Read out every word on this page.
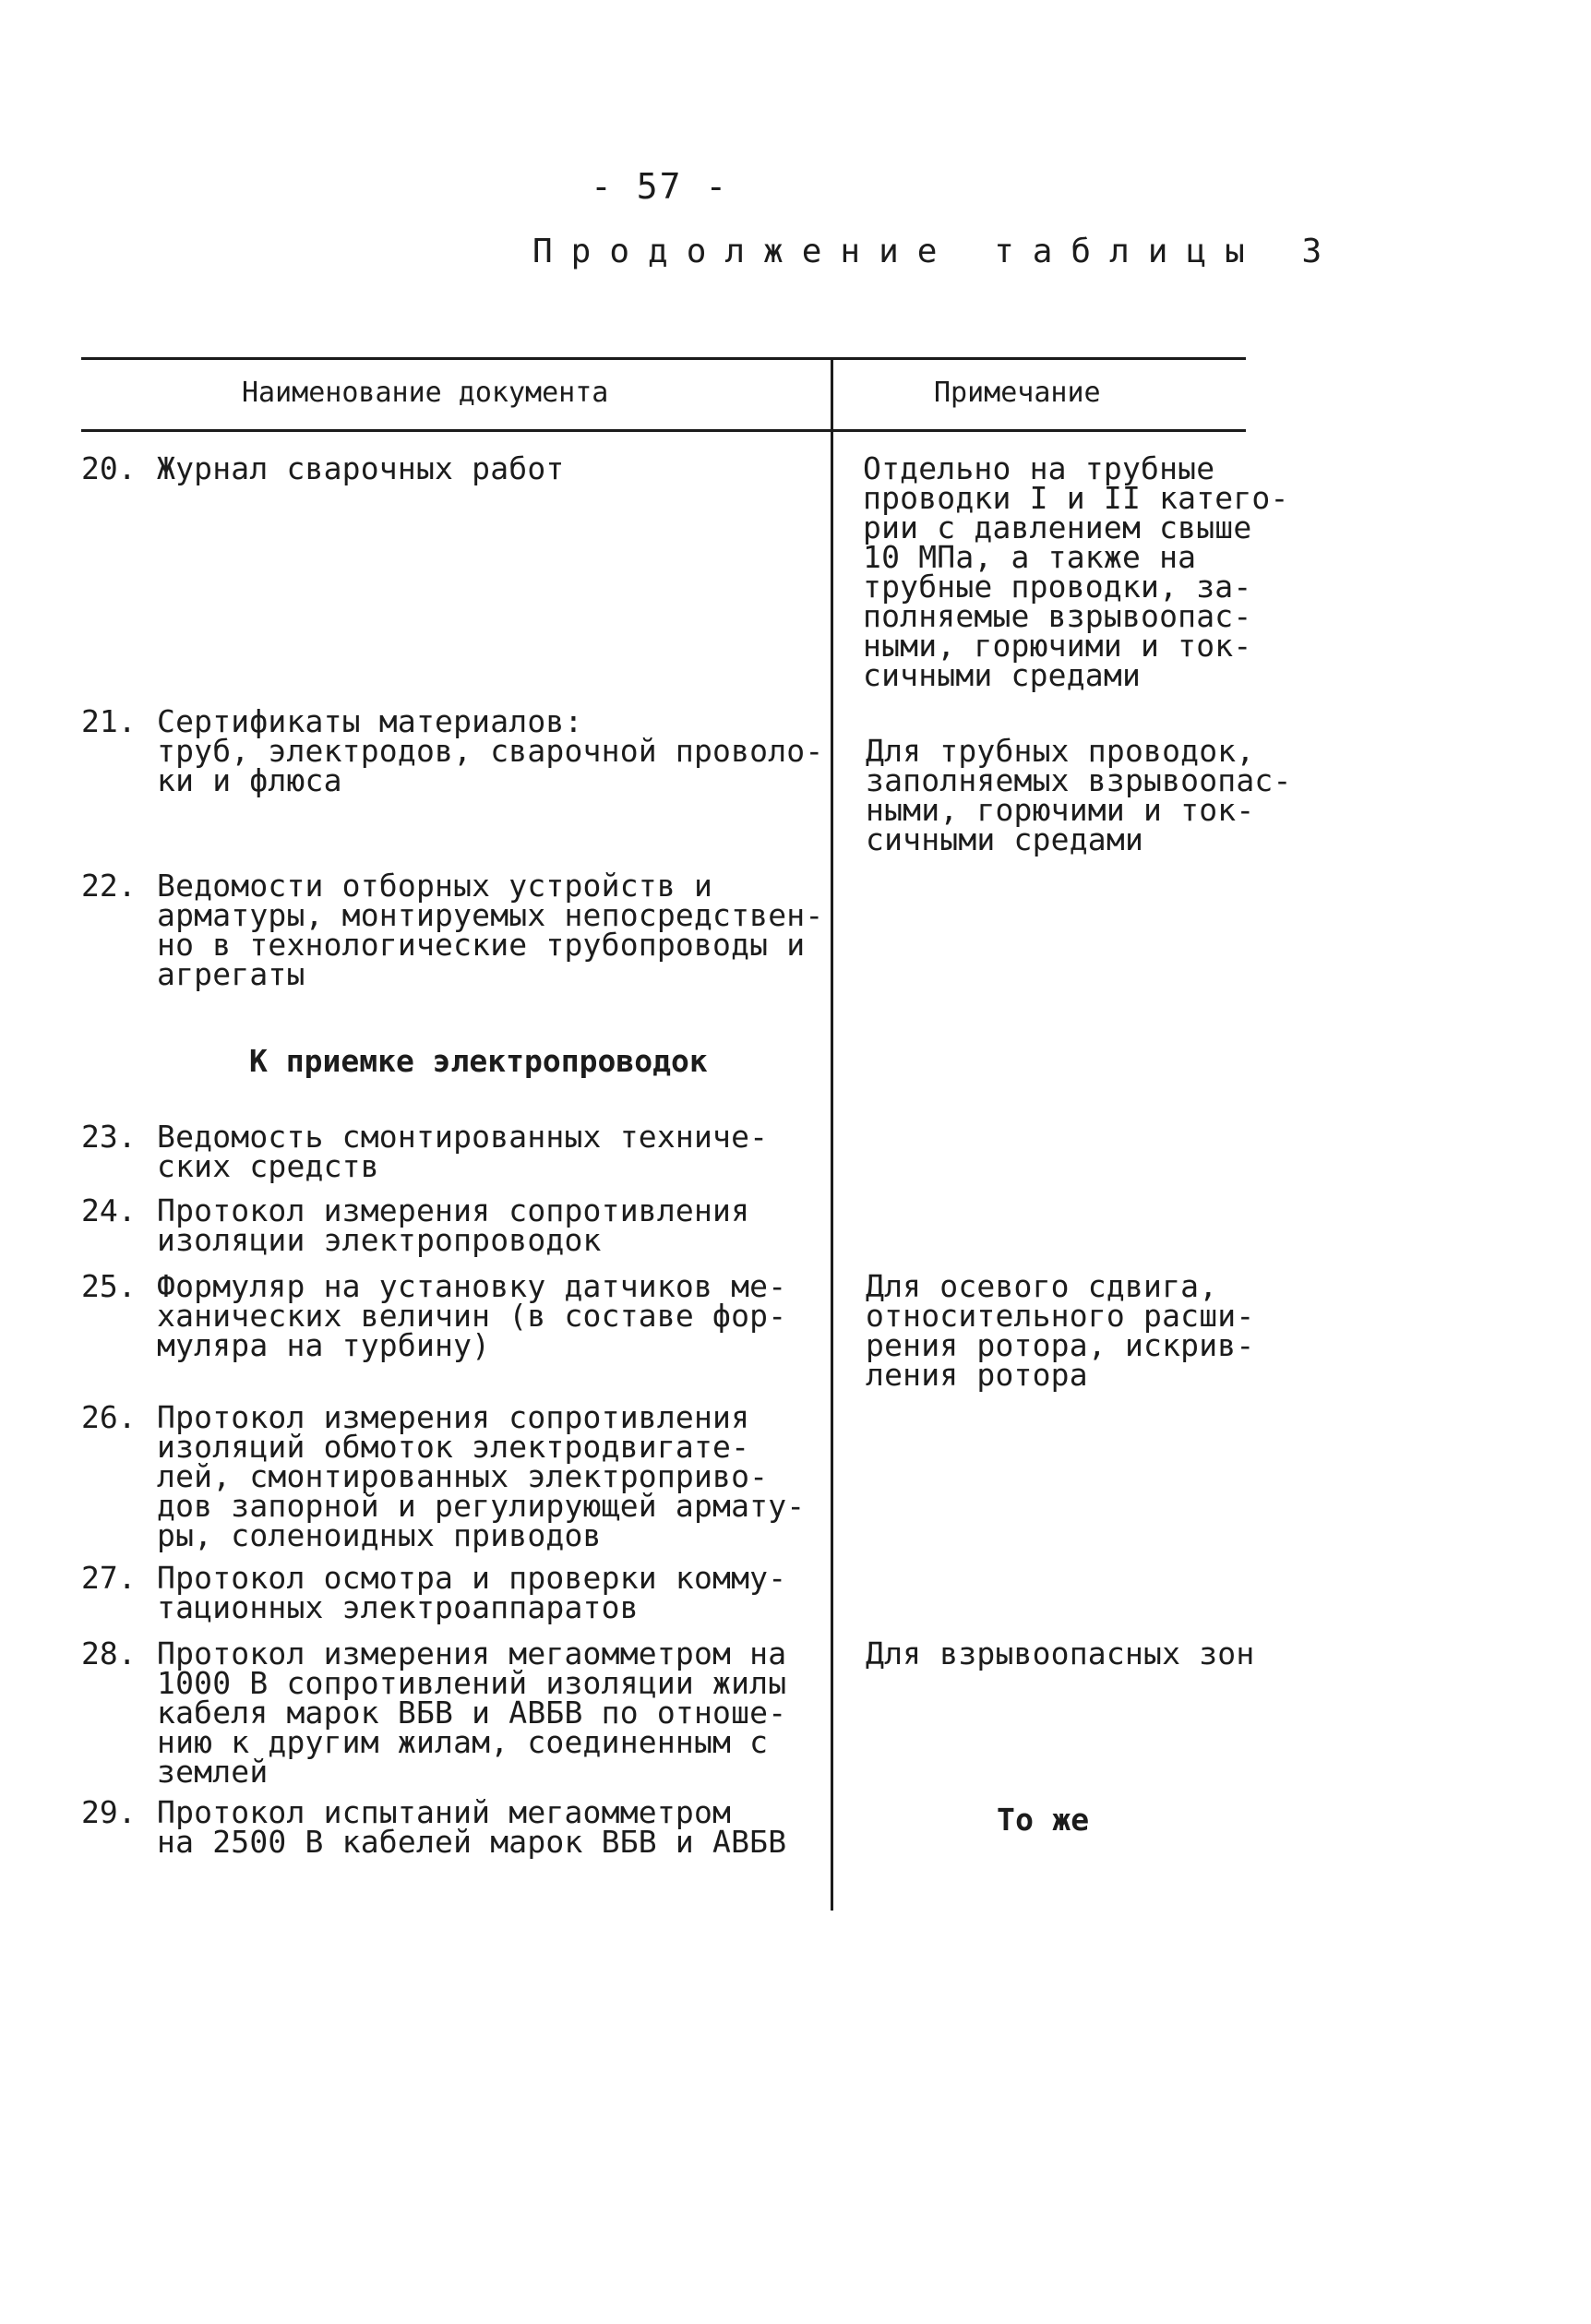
- 57 -
Продолжение таблицы 3
Наименование документа	Примечание
20. Журнал сварочных работ	Отдельно на трубные
проводки I и II катего-
рии с давлением свыше
10 МПа, а также на
трубные проводки, за-
полняемые взрывоопас-
ными, горючими и ток-
сичными средами
21. Сертификаты материалов:
труб, электродов, сварочной проволо-
ки и флюса
Для трубных проводок,
заполняемых взрывоопас-
ными, горючими и ток-
сичными средами
22. Ведомости отборных устройств и
арматуры, монтируемых непосредствен-
но в технологические трубопроводы и
агрегаты
К приемке электропроводок
23. Ведомость смонтированных техниче-
ских средств
24. Протокол измерения сопротивления
изоляции электропроводок
25. Формуляр на установку датчиков ме-
ханических величин (в составе фор-
муляра на турбину)
Для осевого сдвига,
относительного расши-
рения ротора, искрив-
ления ротора
26. Протокол измерения сопротивления
изоляций обмоток электродвигате-
лей, смонтированных электроприво-
дов запорной и регулирующей армату-
ры, соленоидных приводов
27. Протокол осмотра и проверки комму-
тационных электроаппаратов
28. Протокол измерения мегаомметром на
1000 В сопротивлений изоляции жилы
кабеля марок ВБВ и АВБВ по отноше-
нию к другим жилам, соединенным с
землей
Для взрывоопасных зон
29. Протокол испытаний мегаомметром
на 2500 В кабелей марок ВБВ и АВБВ
То же
